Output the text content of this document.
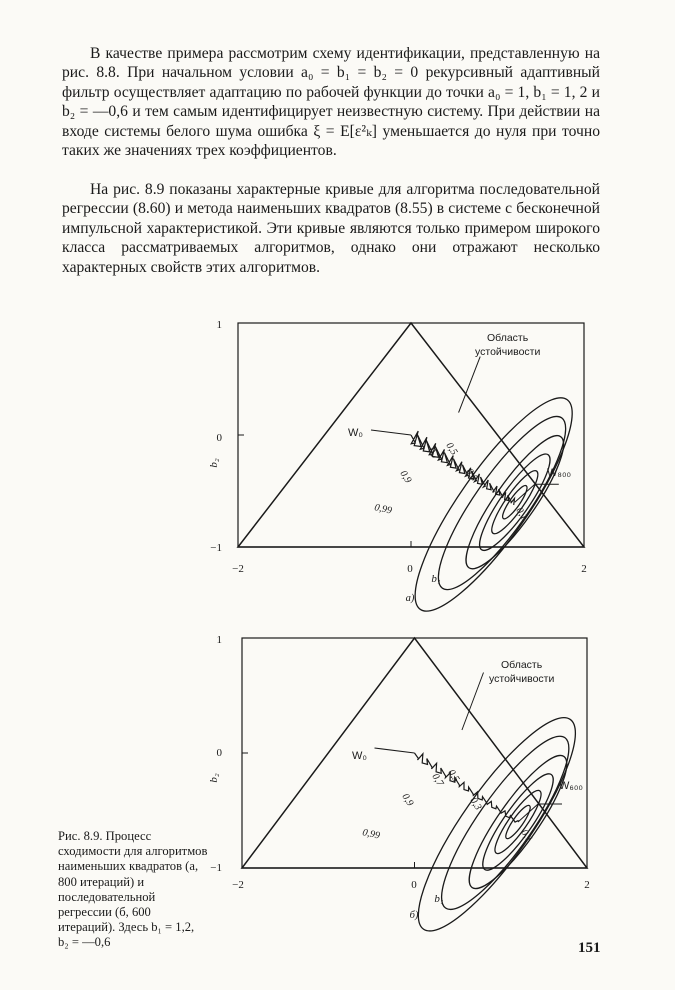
В качестве примера рассмотрим схему идентификации, представленную на рис. 8.8. При начальном условии a₀ = b₁ = b₂ = 0 рекурсивный адаптивный фильтр осуществляет адаптацию по рабочей функции до точки a₀ = 1, b₁ = 1, 2 и b₂ = —0,6 и тем самым идентифицирует неизвестную систему. При действии на входе системы белого шума ошибка ξ = E[ε²ₖ] уменьшается до нуля при точно таких же значениях трех коэффициентов.

На рис. 8.9 показаны характерные кривые для алгоритма последовательной регрессии (8.60) и метода наименьших квадратов (8.55) в системе с бесконечной импульсной характеристикой. Эти кривые являются только примером широкого класса рассматриваемых алгоритмов, однако они отражают несколько характерных свойств этих алгоритмов.

0,99
0,9
0,7 0,5
0,3
0,1
1
0
−1
−2	0	2
b₁
b₂
Область
устойчивости
W₀
W₈₀₀
а)
0,99
0,9
0,7 0,5
0,3
0,1
1
0
−1
−2	0	2
b₁
b₂
Область
устойчивости
W₀
W₆₀₀
б)

Рис. 8.9. Процесс сходимости для алгоритмов наименьших квадратов (а, 800 итераций) и последовательной регрессии (б, 600 итераций). Здесь b₁ = 1,2, b₂ = —0,6	151
